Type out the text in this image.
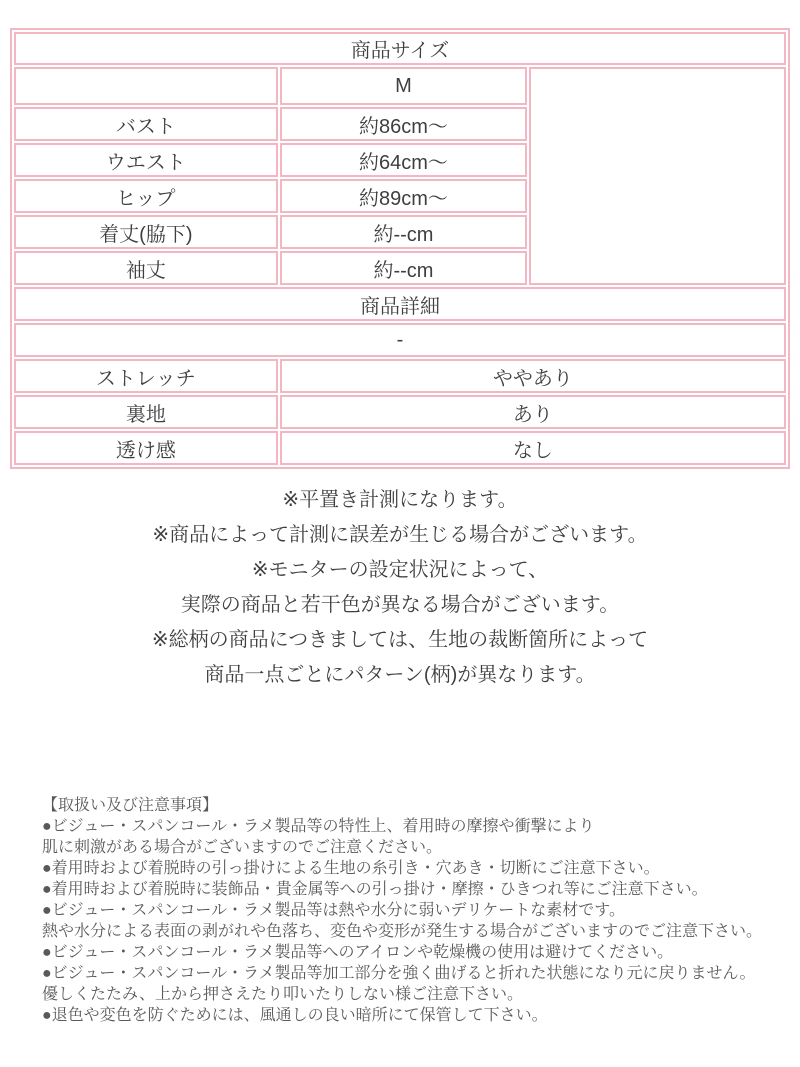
商品サイズ		
	M	
バスト	約86cm～	
ウエスト	約64cm～	
ヒップ	約89cm～	
着丈(脇下)	約--cm	
袖丈	約--cm	
商品詳細		
-		
ストレッチ	ややあり	
裏地	あり	
透け感	なし	

※平置き計測になります。

※商品によって計測に誤差が生じる場合がございます。

※モニターの設定状況によって、

実際の商品と若干色が異なる場合がございます。

※総柄の商品につきましては、生地の裁断箇所によって

商品一点ごとにパターン(柄)が異なります。

【取扱い及び注意事項】

●ビジュー・スパンコール・ラメ製品等の特性上、着用時の摩擦や衝撃により

肌に刺激がある場合がございますのでご注意ください。

●着用時および着脱時の引っ掛けによる生地の糸引き・穴あき・切断にご注意下さい。

●着用時および着脱時に装飾品・貴金属等への引っ掛け・摩擦・ひきつれ等にご注意下さい。

●ビジュー・スパンコール・ラメ製品等は熱や水分に弱いデリケートな素材です。

熱や水分による表面の剥がれや色落ち、変色や変形が発生する場合がございますのでご注意下さい。

●ビジュー・スパンコール・ラメ製品等へのアイロンや乾燥機の使用は避けてください。

●ビジュー・スパンコール・ラメ製品等加工部分を強く曲げると折れた状態になり元に戻りません。

優しくたたみ、上から押さえたり叩いたりしない様ご注意下さい。

●退色や変色を防ぐためには、風通しの良い暗所にて保管して下さい。
